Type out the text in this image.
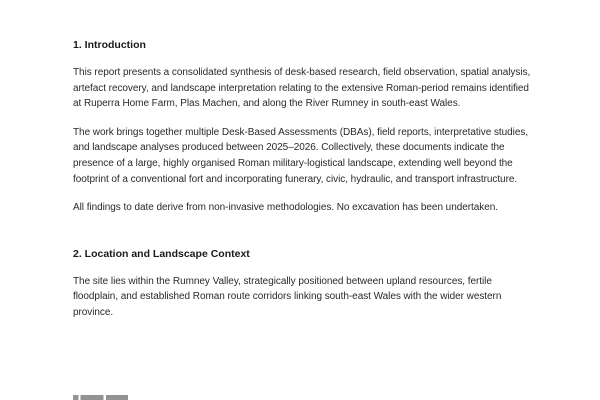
1. Introduction

This report presents a consolidated synthesis of desk-based research, field observation, spatial analysis, artefact recovery, and landscape interpretation relating to the extensive Roman-period remains identified at Ruperra Home Farm, Plas Machen, and along the River Rumney in south-east Wales.

The work brings together multiple Desk-Based Assessments (DBAs), field reports, interpretative studies, and landscape analyses produced between 2025–2026. Collectively, these documents indicate the presence of a large, highly organised Roman military-logistical landscape, extending well beyond the footprint of a conventional fort and incorporating funerary, civic, hydraulic, and transport infrastructure.

All findings to date derive from non-invasive methodologies. No excavation has been undertaken.

2. Location and Landscape Context

The site lies within the Rumney Valley, strategically positioned between upland resources, fertile floodplain, and established Roman route corridors linking south-east Wales with the wider western province.
